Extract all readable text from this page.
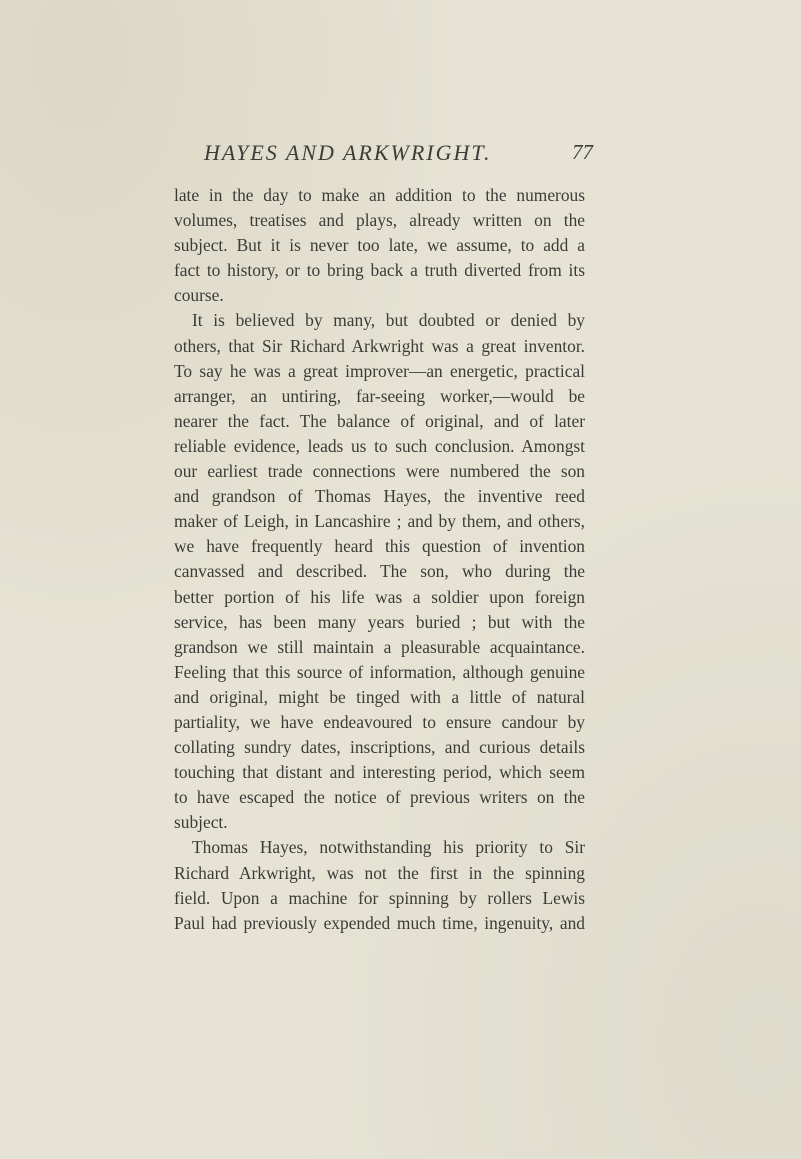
HAYES AND ARKWRIGHT.	77
late in the day to make an addition to the numerous
volumes, treatises and plays, already written on the
subject. But it is never too late, we assume, to add a
fact to history, or to bring back a truth diverted from its
course.
It is believed by many, but doubted or denied by
others, that Sir Richard Arkwright was a great inventor.
To say he was a great improver—an energetic, practical
arranger, an untiring, far-seeing worker,—would be
nearer the fact. The balance of original, and of later
reliable evidence, leads us to such conclusion. Amongst
our earliest trade connections were numbered the son
and grandson of Thomas Hayes, the inventive reed
maker of Leigh, in Lancashire ; and by them, and others,
we have frequently heard this question of invention
canvassed and described. The son, who during the
better portion of his life was a soldier upon foreign
service, has been many years buried ; but with the
grandson we still maintain a pleasurable acquaintance.
Feeling that this source of information, although genuine
and original, might be tinged with a little of natural
partiality, we have endeavoured to ensure candour by
collating sundry dates, inscriptions, and curious details
touching that distant and interesting period, which seem
to have escaped the notice of previous writers on the
subject.
Thomas Hayes, notwithstanding his priority to Sir
Richard Arkwright, was not the first in the spinning
field. Upon a machine for spinning by rollers Lewis
Paul had previously expended much time, ingenuity, and
